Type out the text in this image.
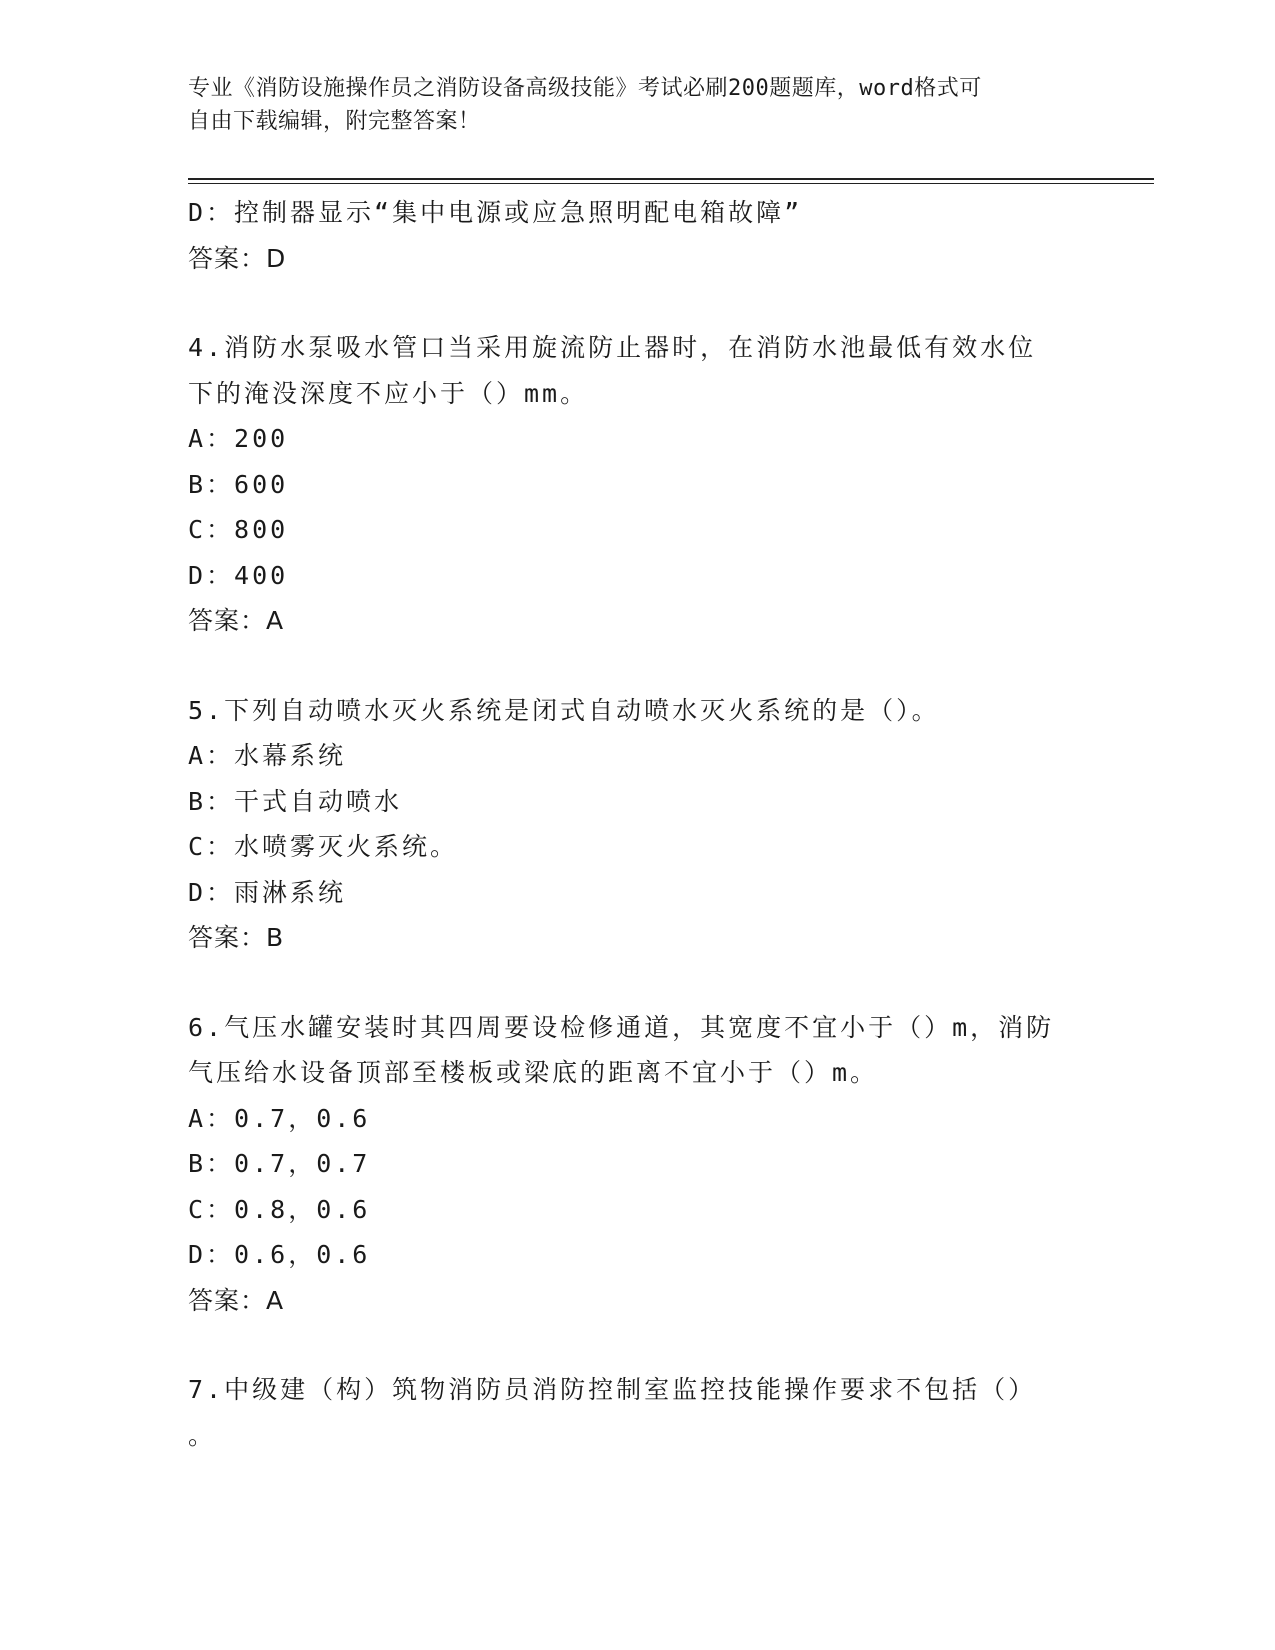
专业《消防设施操作员之消防设备高级技能》考试必刷200题题库，word格式可
自由下载编辑，附完整答案！
D：控制器显示“集中电源或应急照明配电箱故障”
答案：D
4.消防水泵吸水管口当采用旋流防止器时，在消防水池最低有效水位
下的淹没深度不应小于（）mm。
A：200
B：600
C：800
D：400
答案：A
5.下列自动喷水灭火系统是闭式自动喷水灭火系统的是（）。
A：水幕系统
B：干式自动喷水
C：水喷雾灭火系统。
D：雨淋系统
答案：B
6.气压水罐安装时其四周要设检修通道，其宽度不宜小于（）m，消防
气压给水设备顶部至楼板或梁底的距离不宜小于（）m。
A：0.7，0.6
B：0.7，0.7
C：0.8，0.6
D：0.6，0.6
答案：A
7.中级建（构）筑物消防员消防控制室监控技能操作要求不包括（）
。
